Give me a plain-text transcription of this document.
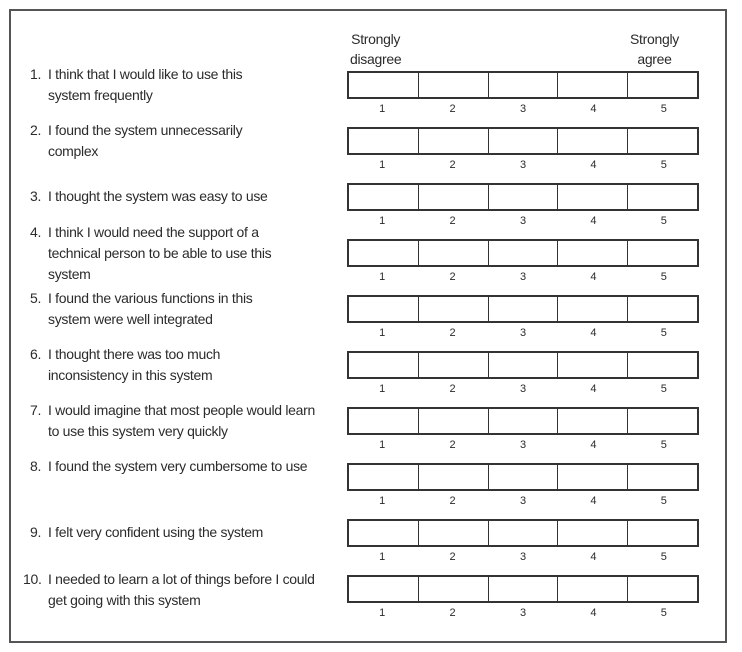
Strongly
disagree
Strongly
agree
1. I think that I would like to use this system frequently
1	2	3	4	5
2. I found the system unnecessarily complex
1	2	3	4	5
3. I thought the system was easy to use
1	2	3	4	5
4. I think I would need the support of a technical person to be able to use this system	1	2	3	4	5
5. I found the various functions in this system were well integrated
1	2	3	4	5
6. I thought there was too much inconsistency in this system
1	2	3	4	5
7. I would imagine that most people would learn to use this system very quickly
1	2	3	4	5
8. I found the system very cumbersome to use
1	2	3	4	5
9. I felt very confident using the system
1	2	3	4	5
10. I needed to learn a lot of things before I could get going with this system
1	2	3	4	5
